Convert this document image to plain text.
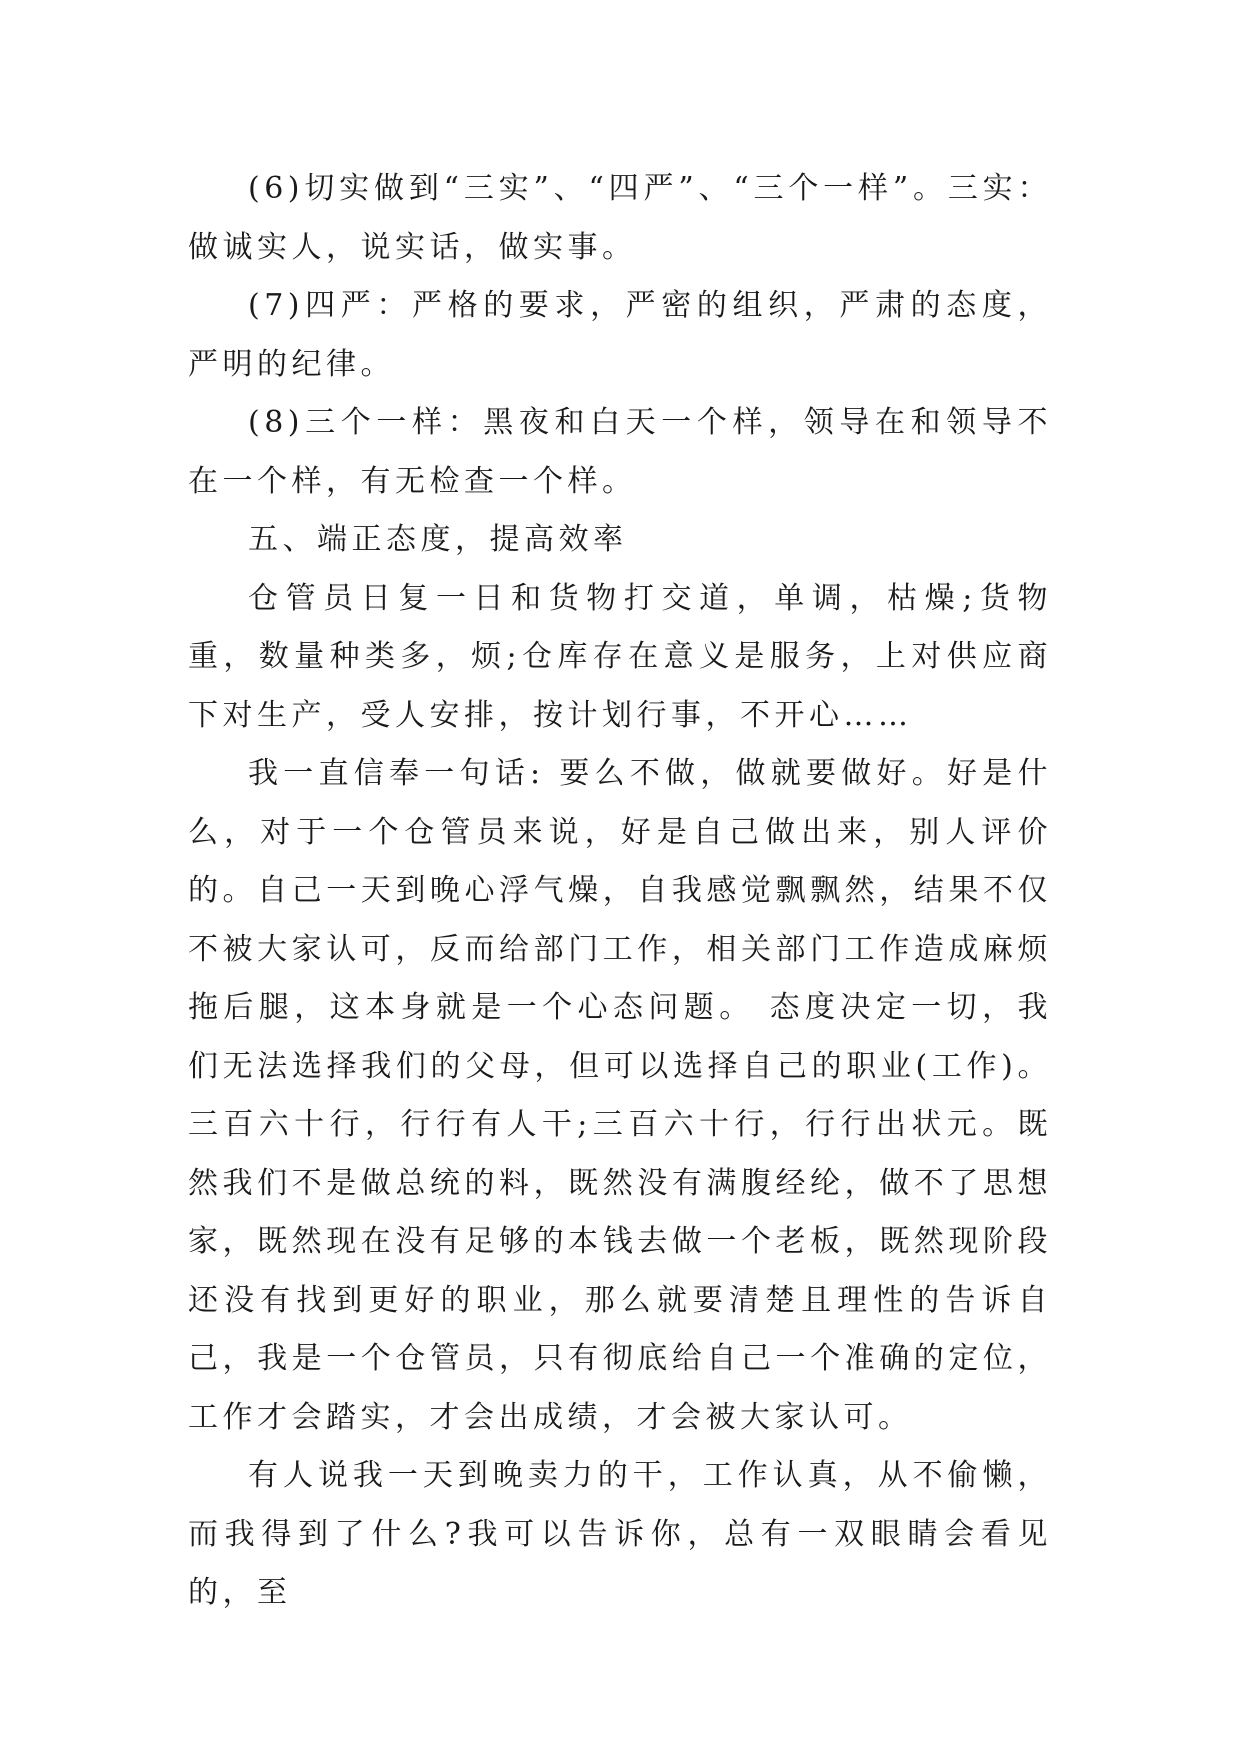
(6)切实做到“三实”、“四严”、“三个一样”。三实：做诚实人，说实话，做实事。

(7)四严：严格的要求，严密的组织，严肃的态度，严明的纪律。

(8)三个一样：黑夜和白天一个样，领导在和领导不在一个样，有无检查一个样。

五、端正态度，提高效率

仓管员日复一日和货物打交道，单调，枯燥;货物重，数量种类多，烦;仓库存在意义是服务，上对供应商下对生产，受人安排，按计划行事，不开心……

我一直信奉一句话: 要么不做，做就要做好。好是什么，对于一个仓管员来说，好是自己做出来，别人评价的。自己一天到晚心浮气燥，自我感觉飘飘然，结果不仅不被大家认可，反而给部门工作，相关部门工作造成麻烦拖后腿，这本身就是一个心态问题。 态度决定一切，我们无法选择我们的父母，但可以选择自己的职业(工作)。三百六十行，行行有人干;三百六十行，行行出状元。既然我们不是做总统的料，既然没有满腹经纶，做不了思想家，既然现在没有足够的本钱去做一个老板，既然现阶段还没有找到更好的职业，那么就要清楚且理性的告诉自己，我是一个仓管员，只有彻底给自己一个准确的定位，工作才会踏实，才会出成绩，才会被大家认可。

有人说我一天到晚卖力的干，工作认真，从不偷懒，而我得到了什么?我可以告诉你，总有一双眼睛会看见的，至
